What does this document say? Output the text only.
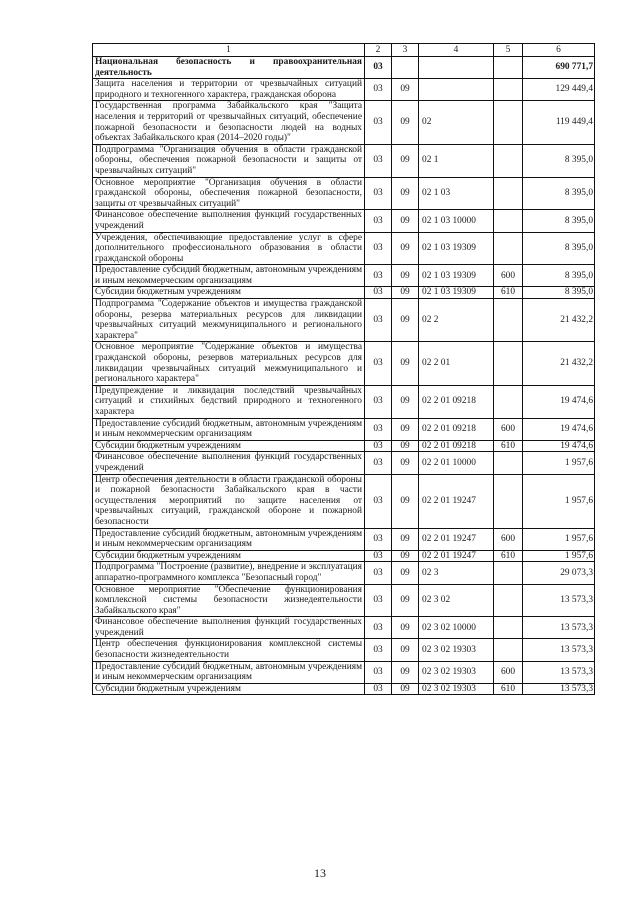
1	2	3	4	5	6
Национальная безопасность и правоохранительная деятельность	03				690 771,7
Защита населения и территории от чрезвычайных ситуаций природного и техногенного характера, гражданская оборона	03	09			129 449,4
Государственная программа Забайкальского края "Защита населения и территорий от чрезвычайных ситуаций, обеспечение пожарной безопасности и безопасности людей на водных объектах Забайкальского края (2014–2020 годы)"	03	09	02		119 449,4
Подпрограмма "Организация обучения в области гражданской обороны, обеспечения пожарной безопасности и защиты от чрезвычайных ситуаций"	03	09	02 1		8 395,0
Основное мероприятие "Организация обучения в области гражданской обороны, обеспечения пожарной безопасности, защиты от чрезвычайных ситуаций"	03	09	02 1 03		8 395,0
Финансовое обеспечение выполнения функций государственных учреждений	03	09	02 1 03 10000		8 395,0
Учреждения, обеспечивающие предоставление услуг в сфере дополнительного профессионального образования в области гражданской обороны	03	09	02 1 03 19309		8 395,0
Предоставление субсидий бюджетным, автономным учреждениям и иным некоммерческим организациям	03	09	02 1 03 19309	600	8 395,0
Субсидии бюджетным учреждениям	03	09	02 1 03 19309	610	8 395,0
Подпрограмма "Содержание объектов и имущества гражданской обороны, резерва материальных ресурсов для ликвидации чрезвычайных ситуаций межмуниципального и регионального характера"	03	09	02 2		21 432,2
Основное мероприятие "Содержание объектов и имущества гражданской обороны, резервов материальных ресурсов для ликвидации чрезвычайных ситуаций межмуниципального и регионального характера"	03	09	02 2 01		21 432,2
Предупреждение и ликвидация последствий чрезвычайных ситуаций и стихийных бедствий природного и техногенного характера	03	09	02 2 01 09218		19 474,6
Предоставление субсидий бюджетным, автономным учреждениям и иным некоммерческим организациям	03	09	02 2 01 09218	600	19 474,6
Субсидии бюджетным учреждениям	03	09	02 2 01 09218	610	19 474,6
Финансовое обеспечение выполнения функций государственных учреждений	03	09	02 2 01 10000		1 957,6
Центр обеспечения деятельности в области гражданской обороны и пожарной безопасности Забайкальского края в части осуществления мероприятий по защите населения от чрезвычайных ситуаций, гражданской обороне и пожарной безопасности	03	09	02 2 01 19247		1 957,6
Предоставление субсидий бюджетным, автономным учреждениям и иным некоммерческим организациям	03	09	02 2 01 19247	600	1 957,6
Субсидии бюджетным учреждениям	03	09	02 2 01 19247	610	1 957,6
Подпрограмма "Построение (развитие), внедрение и эксплуатация аппаратно-программного комплекса "Безопасный город"	03	09	02 3		29 073,3
Основное мероприятие "Обеспечение функционирования комплексной системы безопасности жизнедеятельности Забайкальского края"	03	09	02 3 02		13 573,3
Финансовое обеспечение выполнения функций государственных учреждений	03	09	02 3 02 10000		13 573,3
Центр обеспечения функционирования комплексной системы безопасности жизнедеятельности	03	09	02 3 02 19303		13 573,3
Предоставление субсидий бюджетным, автономным учреждениям и иным некоммерческим организациям	03	09	02 3 02 19303	600	13 573,3
Субсидии бюджетным учреждениям	03	09	02 3 02 19303	610	13 573,3
13
